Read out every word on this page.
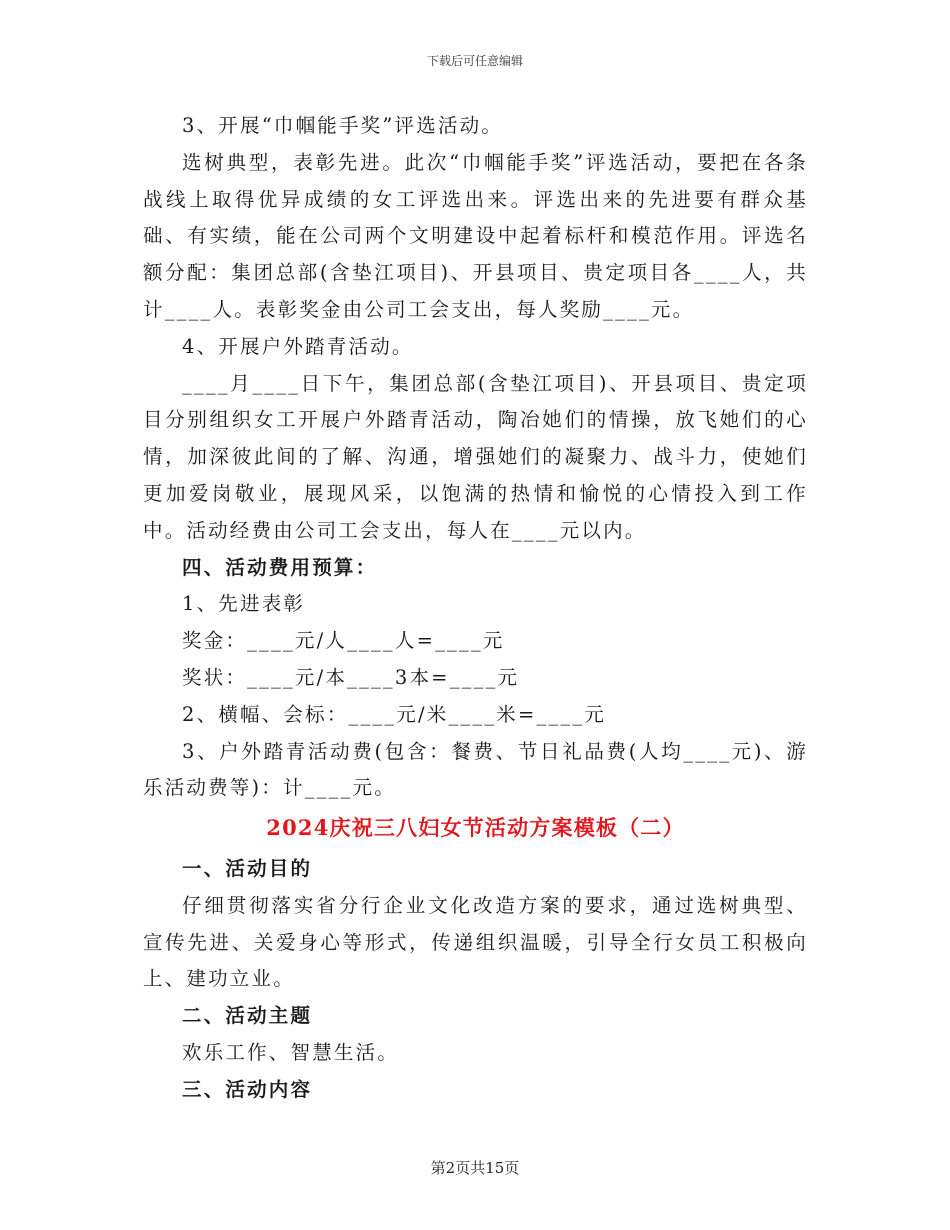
下载后可任意编辑

3、开展“巾帼能手奖”评选活动。

选树典型，表彰先进。此次“巾帼能手奖”评选活动，要把在各条战线上取得优异成绩的女工评选出来。评选出来的先进要有群众基础、有实绩，能在公司两个文明建设中起着标杆和模范作用。评选名额分配：集团总部(含垫江项目)、开县项目、贵定项目各____人，共计____人。表彰奖金由公司工会支出，每人奖励____元。

4、开展户外踏青活动。

____月____日下午，集团总部(含垫江项目)、开县项目、贵定项目分别组织女工开展户外踏青活动，陶冶她们的情操，放飞她们的心情，加深彼此间的了解、沟通，增强她们的凝聚力、战斗力，使她们更加爱岗敬业，展现风采，以饱满的热情和愉悦的心情投入到工作中。活动经费由公司工会支出，每人在____元以内。

四、活动费用预算：

1、先进表彰

奖金：____元/人____人=____元

奖状：____元/本____3本=____元

2、横幅、会标：____元/米____米=____元

3、户外踏青活动费(包含：餐费、节日礼品费(人均____元)、游乐活动费等)：计____元。

2024庆祝三八妇女节活动方案模板（二）

一、活动目的

仔细贯彻落实省分行企业文化改造方案的要求，通过选树典型、宣传先进、关爱身心等形式，传递组织温暖，引导全行女员工积极向上、建功立业。

二、活动主题

欢乐工作、智慧生活。

三、活动内容

第2页共15页
